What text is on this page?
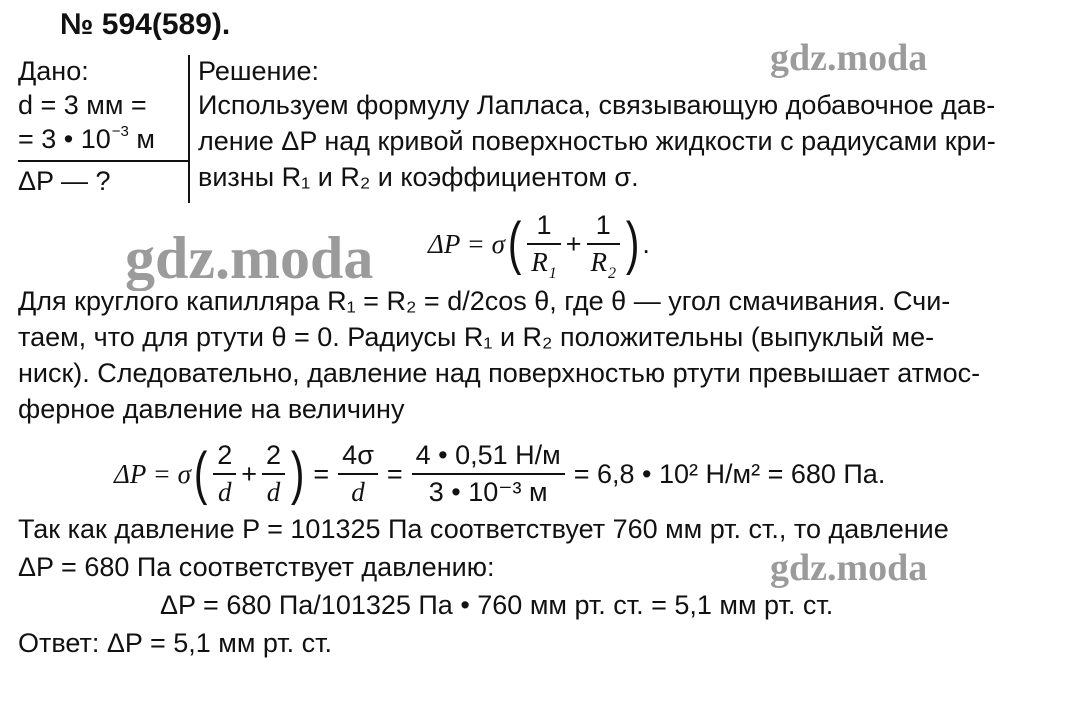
№ 594(589).
gdz.moda
gdz.moda
gdz.moda
Дано:
d = 3 мм =
= 3 • $10^{-3}$ м
ΔP — ?
Решение:
Используем формулу Лапласа, связывающую добавочное дав-
ление ΔP над кривой поверхностью жидкости с радиусами кри-
визны R₁ и R₂ и коэффициентом σ.
ΔP = σ ( $\frac{1}{R_1} + \frac{1}{R_2}$ ) .
Для круглого капилляра R₁ = R₂ = d/2cos θ, где θ — угол смачивания. Счи-
таем, что для ртути θ = 0. Радиусы R₁ и R₂ положительны (выпуклый ме-
ниск). Следовательно, давление над поверхностью ртути превышает атмос-
ферное давление на величину
ΔP = σ ( $\frac{2}{d} + \frac{2}{d}$ ) = $\frac{4\sigma}{d} = \frac{4 • 0,51 Н/м}{\text{3 • 10⁻³ м}} = 6,8$ • 10² Н/м² = 680 Па.
Так как давление P = 101325 Па соответствует 760 мм рт. ст., то давление
ΔP = 680 Па соответствует давлению:
ΔP = 680 Па/101325 Па • 760 мм рт. ст. = 5,1 мм рт. ст.
Ответ: ΔP = 5,1 мм рт. ст.
